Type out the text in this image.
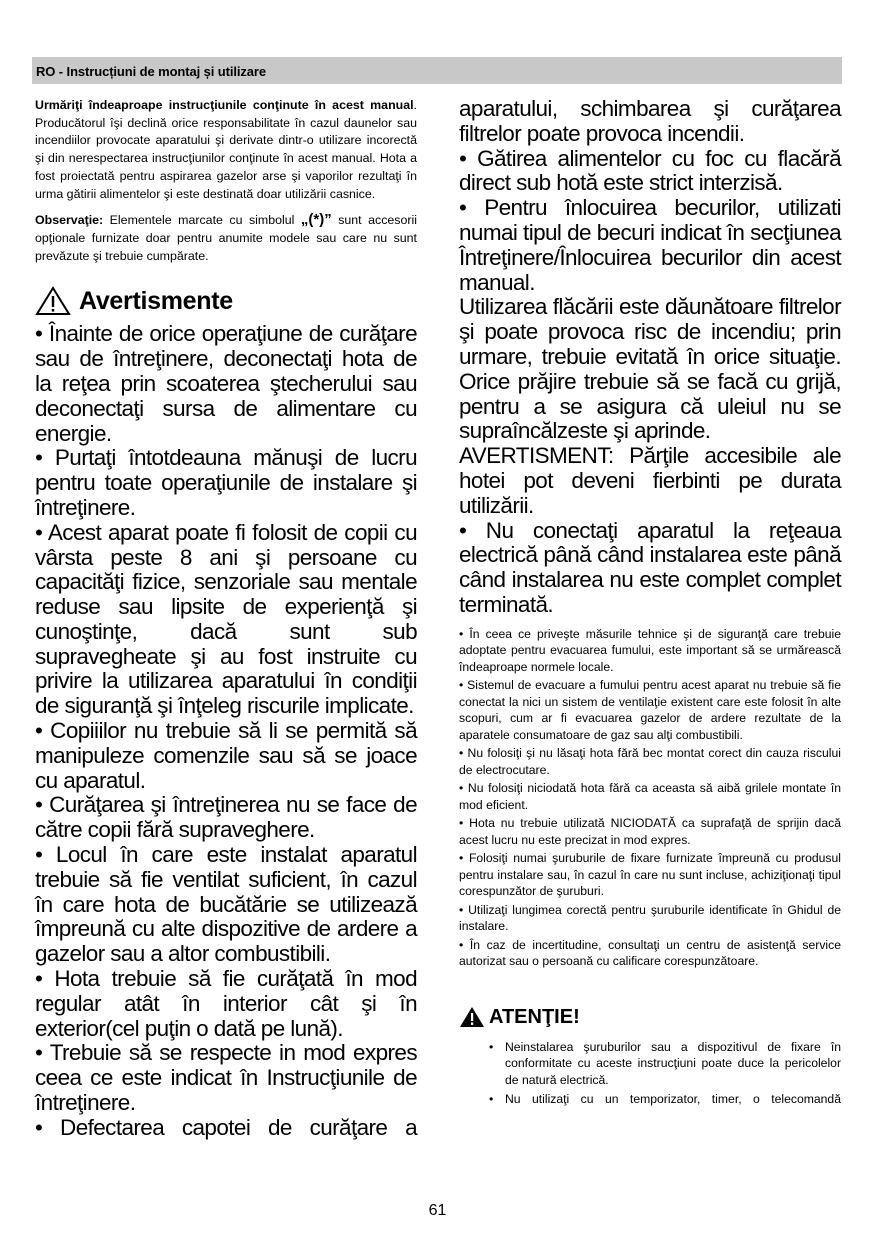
RO - Instrucțiuni de montaj și utilizare

Urmăriţi îndeaproape instrucţiunile conţinute în acest manual. Producătorul îşi declină orice responsabilitate în cazul daunelor sau incendiilor provocate aparatului şi derivate dintr-o utilizare incorectă şi din nerespectarea instrucţiunilor conţinute în acest manual. Hota a fost proiectată pentru aspirarea gazelor arse şi vaporilor rezultaţi în urma gătirii alimentelor şi este destinată doar utilizării casnice.

Observaţie: Elementele marcate cu simbolul „(*)” sunt accesorii opţionale furnizate doar pentru anumite modele sau care nu sunt prevăzute şi trebuie cumpărate.

Avertismente

• Înainte de orice operaţiune de curăţare sau de întreţinere, deconectaţi hota de la reţea prin scoaterea ştecherului sau deconectaţi sursa de alimentare cu energie.

• Purtaţi întotdeauna mănuşi de lucru pentru toate operaţiunile de instalare şi întreţinere.

• Acest aparat poate fi folosit de copii cu vârsta peste 8 ani şi persoane cu capacităţi fizice, senzoriale sau mentale reduse sau lipsite de experienţă şi cunoştinţe, dacă sunt sub supravegheate şi au fost instruite cu privire la utilizarea aparatului în condiţii de siguranţă şi înţeleg riscurile implicate.

• Copiiilor nu trebuie să li se permită să manipuleze comenzile sau să se joace cu aparatul.

• Curăţarea şi întreţinerea nu se face de către copii fără supraveghere.

• Locul în care este instalat aparatul trebuie să fie ventilat suficient, în cazul în care hota de bucătărie se utilizează împreună cu alte dispozitive de ardere a gazelor sau a altor combustibili.

• Hota trebuie să fie curăţată în mod regular atât în interior cât şi în exterior(cel puţin o dată pe lună).

• Trebuie să se respecte in mod expres ceea ce este indicat în Instrucţiunile de întreţinere.

• Defectarea capotei de curăţare a

aparatului, schimbarea şi curăţarea filtrelor poate provoca incendii.

• Gătirea alimentelor cu foc cu flacără direct sub hotă este strict interzisă.

• Pentru înlocuirea becurilor, utilizati numai tipul de becuri indicat în secţiunea Întreţinere/Înlocuirea becurilor din acest manual.

Utilizarea flăcării este dăunătoare filtrelor şi poate provoca risc de incendiu; prin urmare, trebuie evitată în orice situaţie. Orice prăjire trebuie să se facă cu grijă, pentru a se asigura că uleiul nu se supraîncălzeste şi aprinde.

AVERTISMENT: Părţile accesibile ale hotei pot deveni fierbinti pe durata utilizării.

• Nu conectaţi aparatul la reţeaua electrică până când instalarea este până când instalarea nu este complet complet terminată.

• În ceea ce priveşte măsurile tehnice şi de siguranţă care trebuie adoptate pentru evacuarea fumului, este important să se urmărească îndeaproape normele locale.

• Sistemul de evacuare a fumului pentru acest aparat nu trebuie să fie conectat la nici un sistem de ventilaţie existent care este folosit în alte scopuri, cum ar fi evacuarea gazelor de ardere rezultate de la aparatele consumatoare de gaz sau alţi combustibili.

• Nu folosiţi şi nu lăsaţi hota fără bec montat corect din cauza riscului de electrocutare.

• Nu folosiţi niciodată hota fără ca aceasta să aibă grilele montate în mod eficient.

• Hota nu trebuie utilizată NICIODATĂ ca suprafaţă de sprijin dacă acest lucru nu este precizat in mod expres.

• Folosiţi numai şuruburile de fixare furnizate împreună cu produsul pentru instalare sau, în cazul în care nu sunt incluse, achiziţionaţi tipul corespunzător de şuruburi.

• Utilizaţi lungimea corectă pentru şuruburile identificate în Ghidul de instalare.

• În caz de incertitudine, consultaţi un centru de asistenţă service autorizat sau o persoană cu calificare corespunzătoare.

ATENŢIE!
• Neinstalarea şuruburilor sau a dispozitivul de fixare în conformitate cu aceste instrucţiuni poate duce la pericolelor de natură electrică.
• Nu utilizaţi cu un temporizator, timer, o telecomandă
61
